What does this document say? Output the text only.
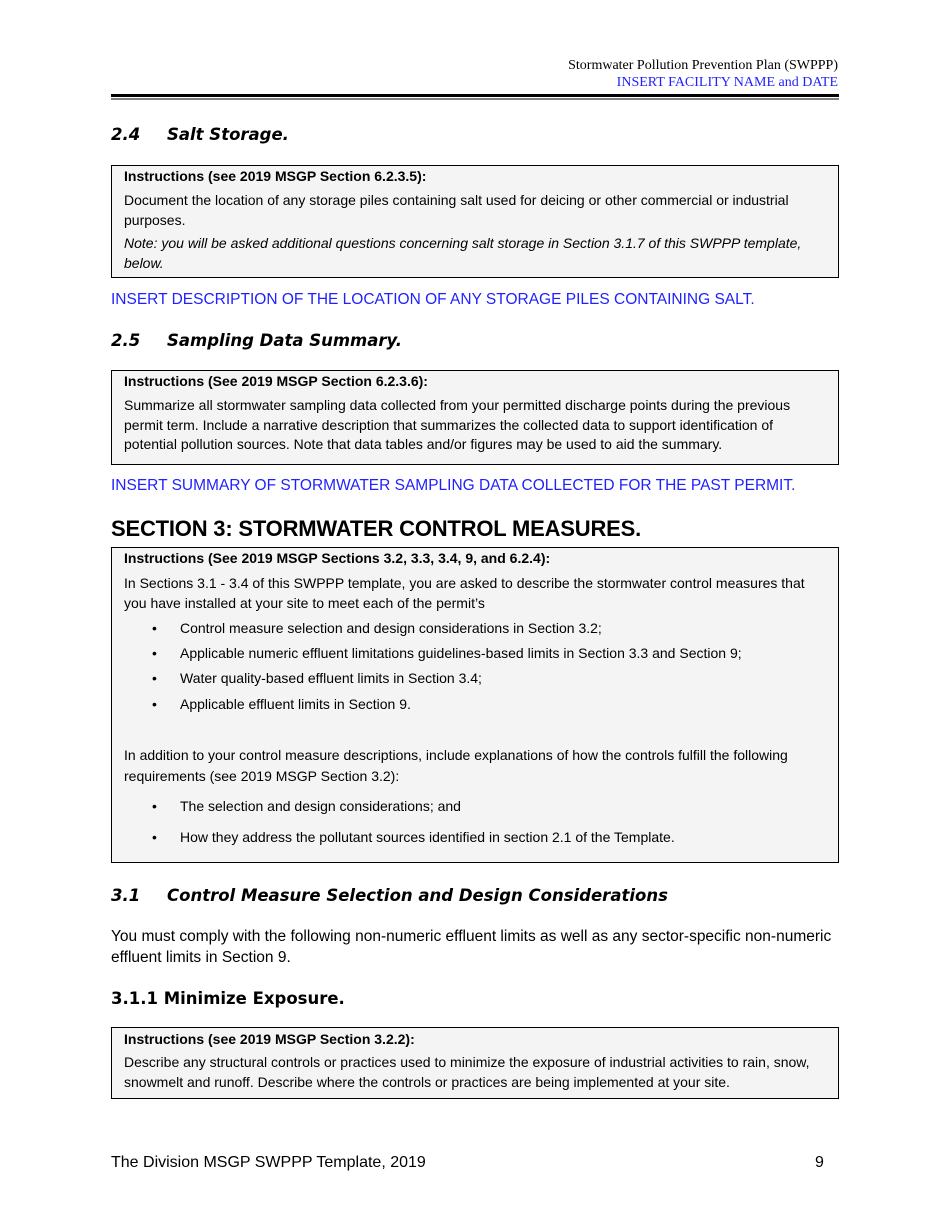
Stormwater Pollution Prevention Plan (SWPPP)
INSERT FACILITY NAME and DATE
2.4 Salt Storage.
Instructions (see 2019 MSGP Section 6.2.3.5):
Document the location of any storage piles containing salt used for deicing or other commercial or industrial purposes.
Note: you will be asked additional questions concerning salt storage in Section 3.1.7 of this SWPPP template, below.
INSERT DESCRIPTION OF THE LOCATION OF ANY STORAGE PILES CONTAINING SALT.
2.5 Sampling Data Summary.
Instructions (See 2019 MSGP Section 6.2.3.6):
Summarize all stormwater sampling data collected from your permitted discharge points during the previous permit term. Include a narrative description that summarizes the collected data to support identification of potential pollution sources. Note that data tables and/or figures may be used to aid the summary.
INSERT SUMMARY OF STORMWATER SAMPLING DATA COLLECTED FOR THE PAST PERMIT.
SECTION 3: STORMWATER CONTROL MEASURES.
Instructions (See 2019 MSGP Sections 3.2, 3.3, 3.4, 9, and 6.2.4):
In Sections 3.1 - 3.4 of this SWPPP template, you are asked to describe the stormwater control measures that you have installed at your site to meet each of the permit’s
•	Control measure selection and design considerations in Section 3.2;
•	Applicable numeric effluent limitations guidelines-based limits in Section 3.3 and Section 9;
•	Water quality-based effluent limits in Section 3.4;
•	Applicable effluent limits in Section 9.
In addition to your control measure descriptions, include explanations of how the controls fulfill the following requirements (see 2019 MSGP Section 3.2):
•	The selection and design considerations; and
•	How they address the pollutant sources identified in section 2.1 of the Template.
3.1 Control Measure Selection and Design Considerations
You must comply with the following non-numeric effluent limits as well as any sector-specific non-numeric effluent limits in Section 9.
3.1.1 Minimize Exposure.
Instructions (see 2019 MSGP Section 3.2.2):
Describe any structural controls or practices used to minimize the exposure of industrial activities to rain, snow, snowmelt and runoff. Describe where the controls or practices are being implemented at your site.
The Division MSGP SWPPP Template, 2019	9
